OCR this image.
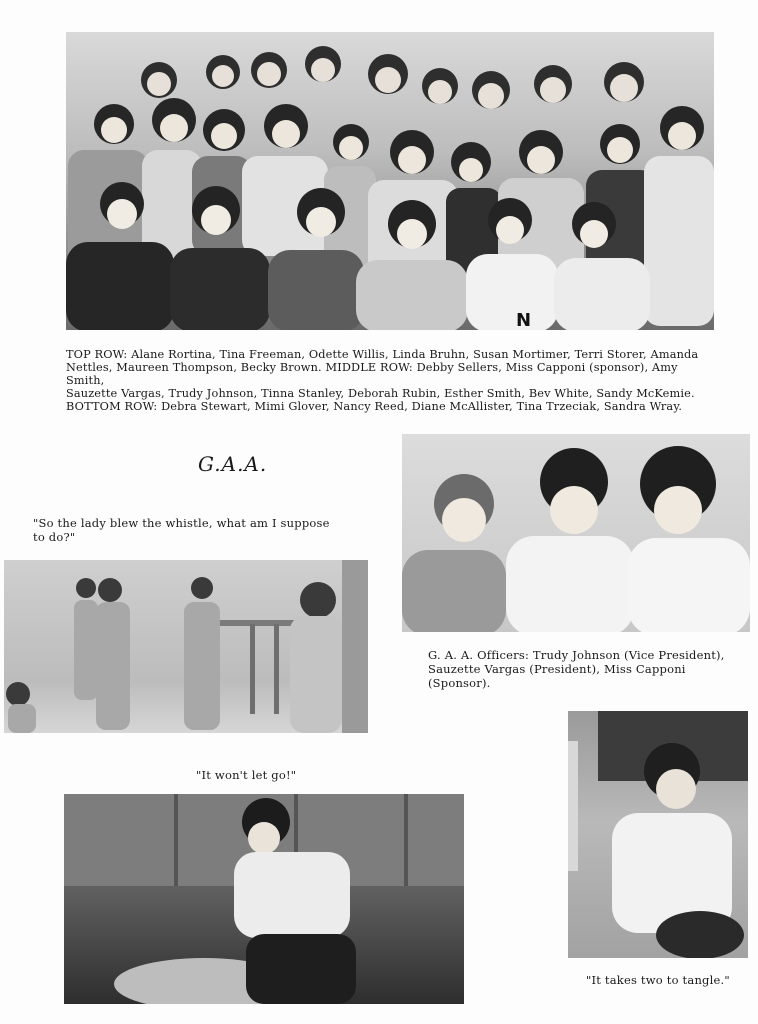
N

TOP ROW: Alane Rortina, Tina Freeman, Odette Willis, Linda Bruhn, Susan Mortimer, Terri Storer, Amanda

Nettles, Maureen Thompson, Becky Brown. MIDDLE ROW: Debby Sellers, Miss Capponi (sponsor), Amy Smith,

Sauzette Vargas, Trudy Johnson, Tinna Stanley, Deborah Rubin, Esther Smith, Bev White, Sandy McKemie.

BOTTOM ROW: Debra Stewart, Mimi Glover, Nancy Reed, Diane McAllister, Tina Trzeciak, Sandra Wray.

G.A.A.
"So the lady blew the whistle, what am I suppose
to do?"
G. A. A. Officers: Trudy Johnson (Vice President),
Sauzette Vargas (President), Miss Capponi (Sponsor).
"It won't let go!"
"It takes two to tangle."
